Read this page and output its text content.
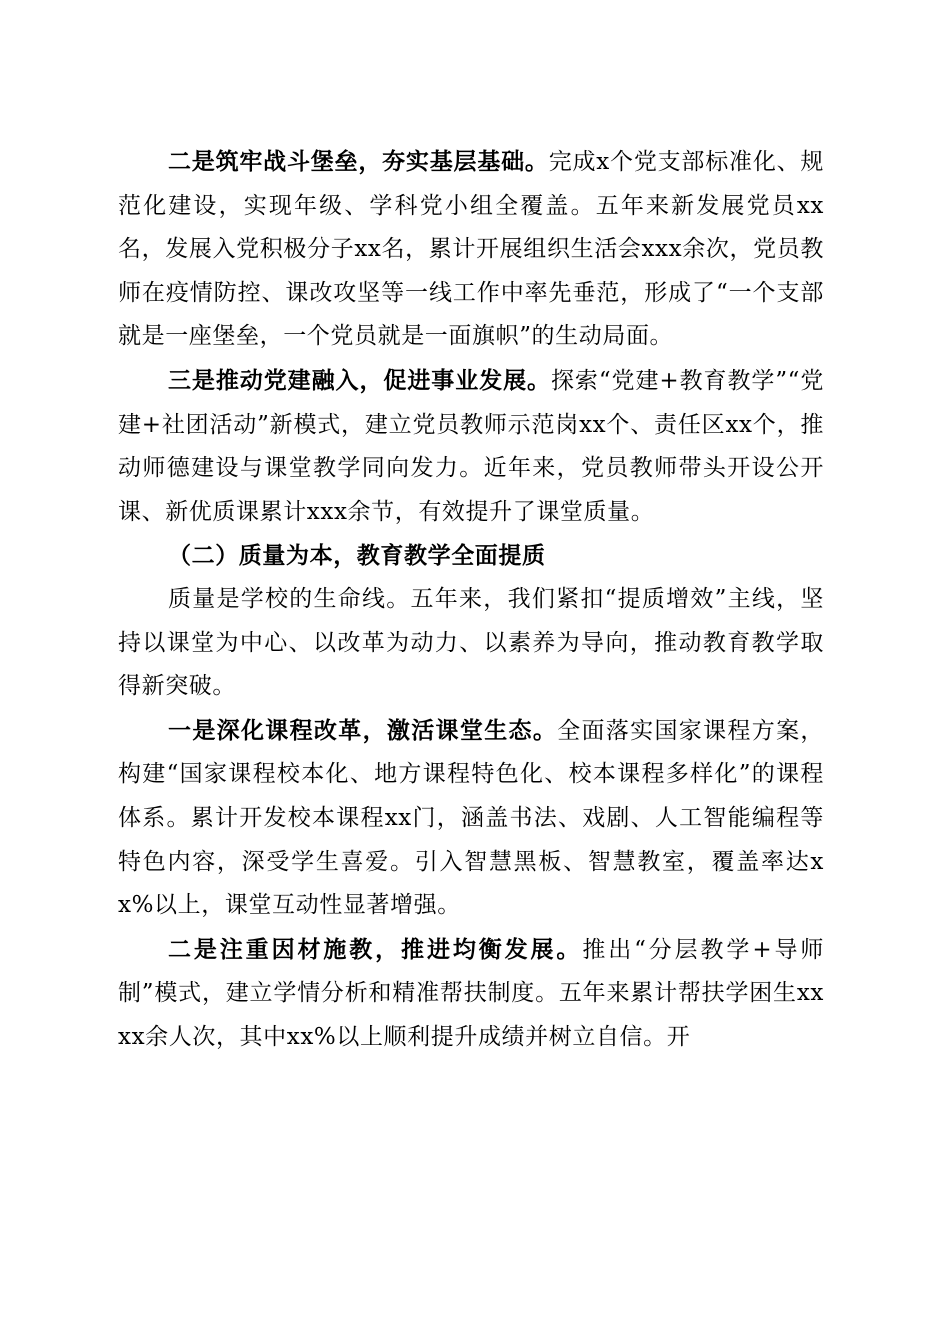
二是筑牢战斗堡垒，夯实基层基础。完成x个党支部标准化、规范化建设，实现年级、学科党小组全覆盖。五年来新发展党员xx名，发展入党积极分子xx名，累计开展组织生活会xxx余次，党员教师在疫情防控、课改攻坚等一线工作中率先垂范，形成了“一个支部就是一座堡垒，一个党员就是一面旗帜”的生动局面。

三是推动党建融入，促进事业发展。探索“党建+教育教学”“党建+社团活动”新模式，建立党员教师示范岗xx个、责任区xx个，推动师德建设与课堂教学同向发力。近年来，党员教师带头开设公开课、新优质课累计xxx余节，有效提升了课堂质量。

（二）质量为本，教育教学全面提质

质量是学校的生命线。五年来，我们紧扣“提质增效”主线，坚持以课堂为中心、以改革为动力、以素养为导向，推动教育教学取得新突破。

一是深化课程改革，激活课堂生态。全面落实国家课程方案，构建“国家课程校本化、地方课程特色化、校本课程多样化”的课程体系。累计开发校本课程xx门，涵盖书法、戏剧、人工智能编程等特色内容，深受学生喜爱。引入智慧黑板、智慧教室，覆盖率达xx%以上，课堂互动性显著增强。

二是注重因材施教，推进均衡发展。推出“分层教学+导师制”模式，建立学情分析和精准帮扶制度。五年来累计帮扶学困生xxxx余人次，其中xx%以上顺利提升成绩并树立自信。开
